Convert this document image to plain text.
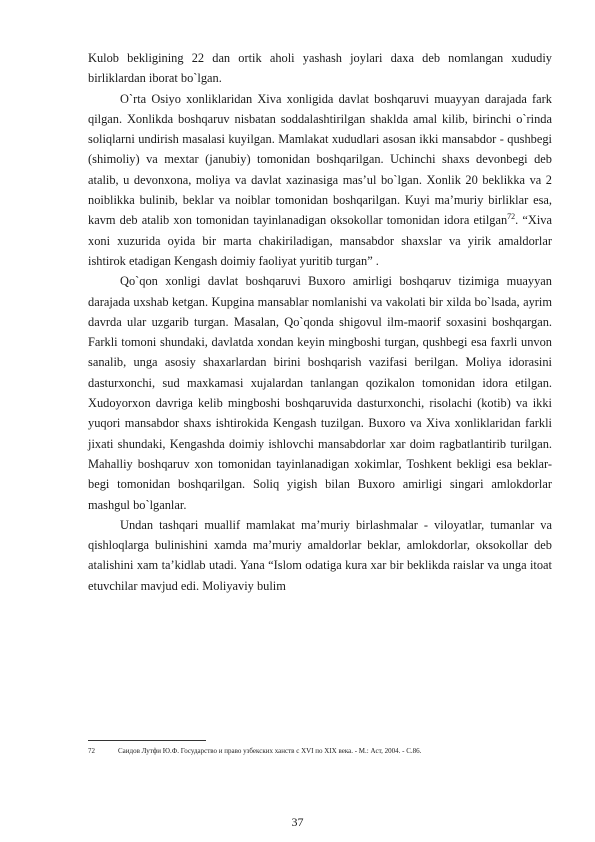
Kulob bekligining 22 dan ortik aholi yashash joylari daxa deb nomlangan xududiy birliklardan iborat bo`lgan.

O`rta Osiyo xonliklaridan Xiva xonligida davlat boshqaruvi muayyan darajada fark qilgan. Xonlikda boshqaruv nisbatan soddalashtirilgan shaklda amal kilib, birinchi o`rinda soliqlarni undirish masalasi kuyilgan. Mamlakat xududlari asosan ikki mansabdor - qushbegi (shimoliy) va mextar (janubiy) tomonidan boshqarilgan. Uchinchi shaxs devonbegi deb atalib, u devonxona, moliya va davlat xazinasiga mas’ul bo`lgan. Xonlik 20 beklikka va 2 noiblikka bulinib, beklar va noiblar tomonidan boshqarilgan. Kuyi ma’muriy birliklar esa, kavm deb atalib xon tomonidan tayinlanadigan oksokollar tomonidan idora etilgan$^{72}$. “Xiva xoni xuzurida oyida bir marta chakiriladigan, mansabdor shaxslar va yirik amaldorlar ishtirok etadigan Kengash doimiy faoliyat yuritib turgan” .

Qo`qon xonligi davlat boshqaruvi Buxoro amirligi boshqaruv tizimiga muayyan darajada uxshab ketgan. Kupgina mansablar nomlanishi va vakolati bir xilda bo`lsada, ayrim davrda ular uzgarib turgan. Masalan, Qo`qonda shigovul ilm-maorif soxasini boshqargan. Farkli tomoni shundaki, davlatda xondan keyin mingboshi turgan, qushbegi esa faxrli unvon sanalib, unga asosiy shaxarlardan birini boshqarish vazifasi berilgan. Moliya idorasini dasturxonchi, sud maxkamasi xujalardan tanlangan qozikalon tomonidan idora etilgan. Xudoyorxon davriga kelib mingboshi boshqaruvida dasturxonchi, risolachi (kotib) va ikki yuqori mansabdor shaxs ishtirokida Kengash tuzilgan. Buxoro va Xiva xonliklaridan farkli jixati shundaki, Kengashda doimiy ishlovchi mansabdorlar xar doim ragbatlantirib turilgan. Mahalliy boshqaruv xon tomonidan tayinlanadigan xokimlar, Toshkent bekligi esa beklar-begi tomonidan boshqarilgan. Soliq yigish bilan Buxoro amirligi singari amlokdorlar mashgul bo`lganlar.

Undan tashqari muallif mamlakat ma’muriy birlashmalar - viloyatlar, tumanlar va qishloqlarga bulinishini xamda ma’muriy amaldorlar beklar, amlokdorlar, oksokollar deb atalishini xam ta’kidlab utadi. Yana “Islom odatiga kura xar bir beklikda raislar va unga itoat etuvchilar mavjud edi. Moliyaviy bulim

72	Саидов Лутфи Ю.Ф. Государство и право узбекских ханств с XVI по XIX века. - М.: Acт, 2004. - C.86.
37
